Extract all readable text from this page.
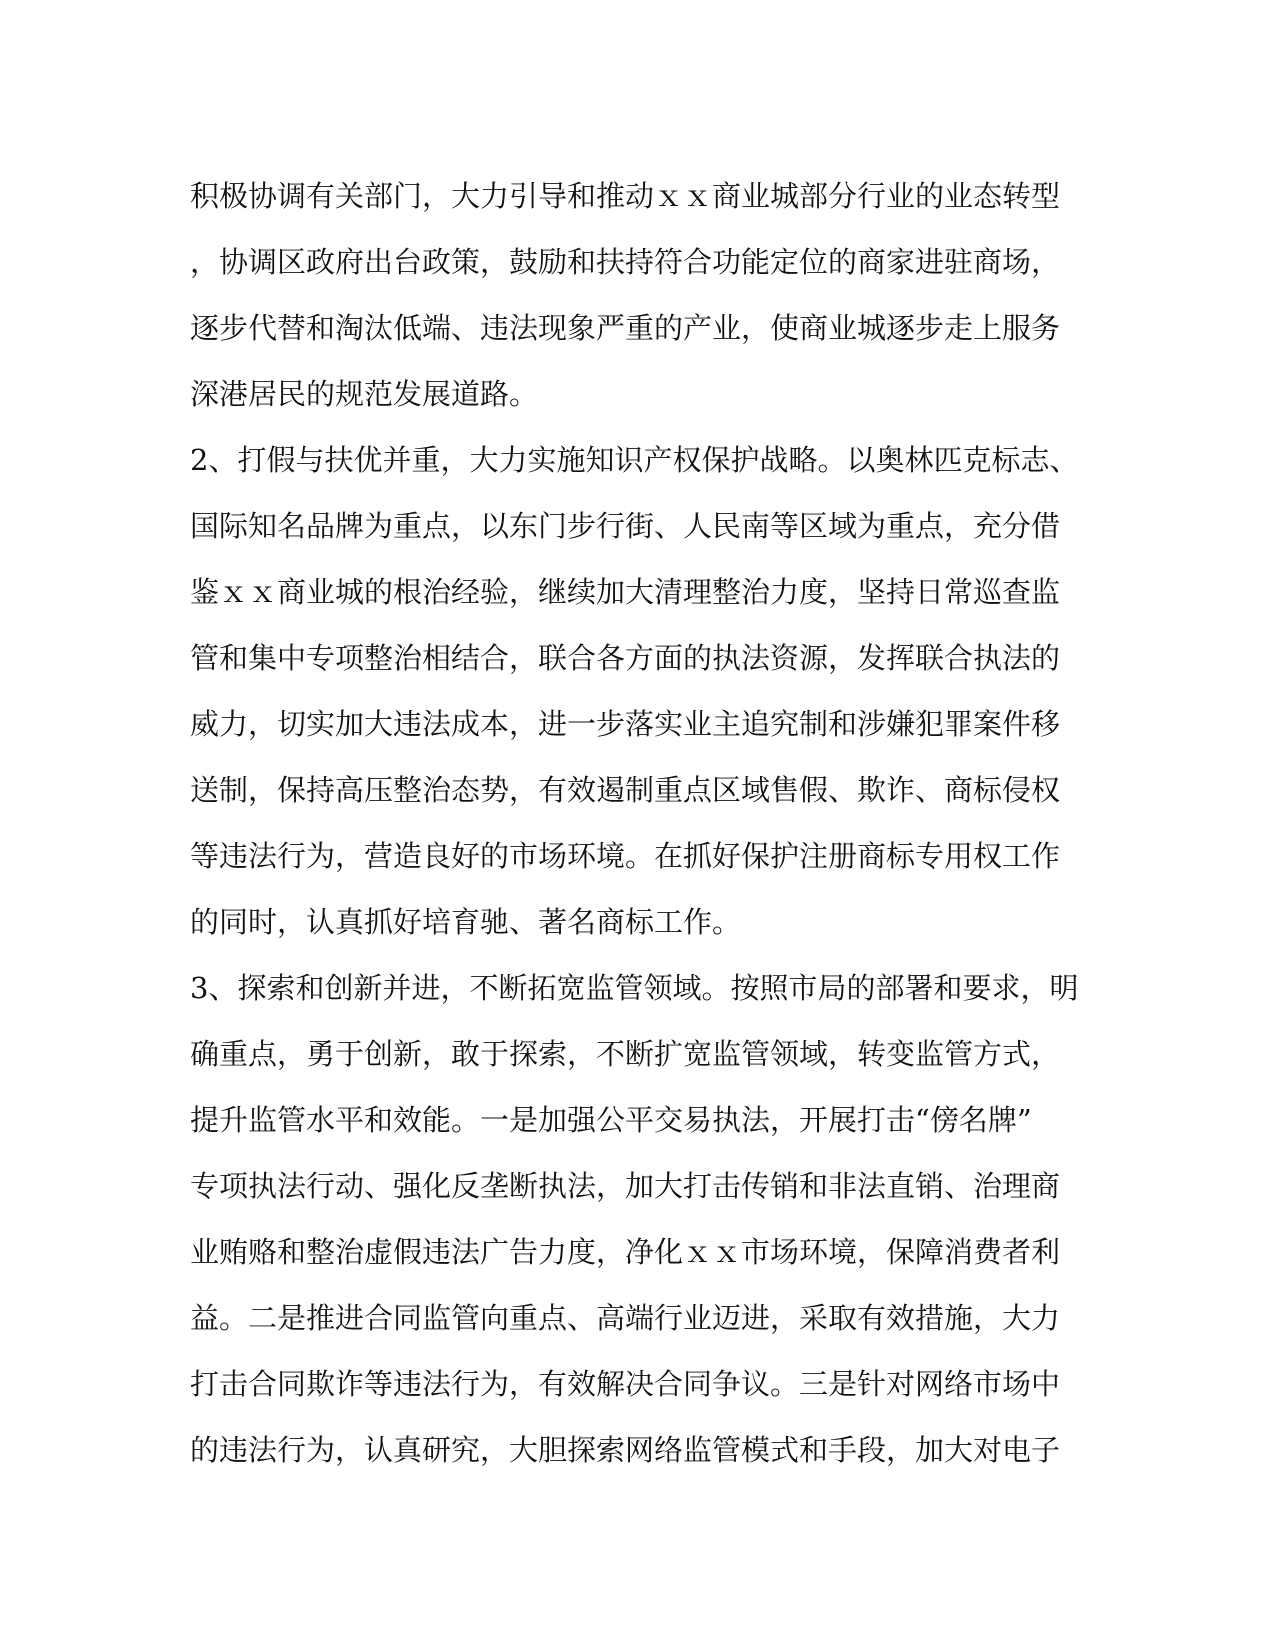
积极协调有关部门，大力引导和推动ｘｘ商业城部分行业的业态转型
，协调区政府出台政策，鼓励和扶持符合功能定位的商家进驻商场，
逐步代替和淘汰低端、违法现象严重的产业，使商业城逐步走上服务
深港居民的规范发展道路。
2、打假与扶优并重，大力实施知识产权保护战略。以奥林匹克标志、
国际知名品牌为重点，以东门步行街、人民南等区域为重点，充分借
鉴ｘｘ商业城的根治经验，继续加大清理整治力度，坚持日常巡查监
管和集中专项整治相结合，联合各方面的执法资源，发挥联合执法的
威力，切实加大违法成本，进一步落实业主追究制和涉嫌犯罪案件移
送制，保持高压整治态势，有效遏制重点区域售假、欺诈、商标侵权
等违法行为，营造良好的市场环境。在抓好保护注册商标专用权工作
的同时，认真抓好培育驰、著名商标工作。
3、探索和创新并进，不断拓宽监管领域。按照市局的部署和要求，明
确重点，勇于创新，敢于探索，不断扩宽监管领域，转变监管方式，
提升监管水平和效能。一是加强公平交易执法，开展打击“傍名牌”
专项执法行动、强化反垄断执法，加大打击传销和非法直销、治理商
业贿赂和整治虚假违法广告力度，净化ｘｘ市场环境，保障消费者利
益。二是推进合同监管向重点、高端行业迈进，采取有效措施，大力
打击合同欺诈等违法行为，有效解决合同争议。三是针对网络市场中
的违法行为，认真研究，大胆探索网络监管模式和手段，加大对电子
